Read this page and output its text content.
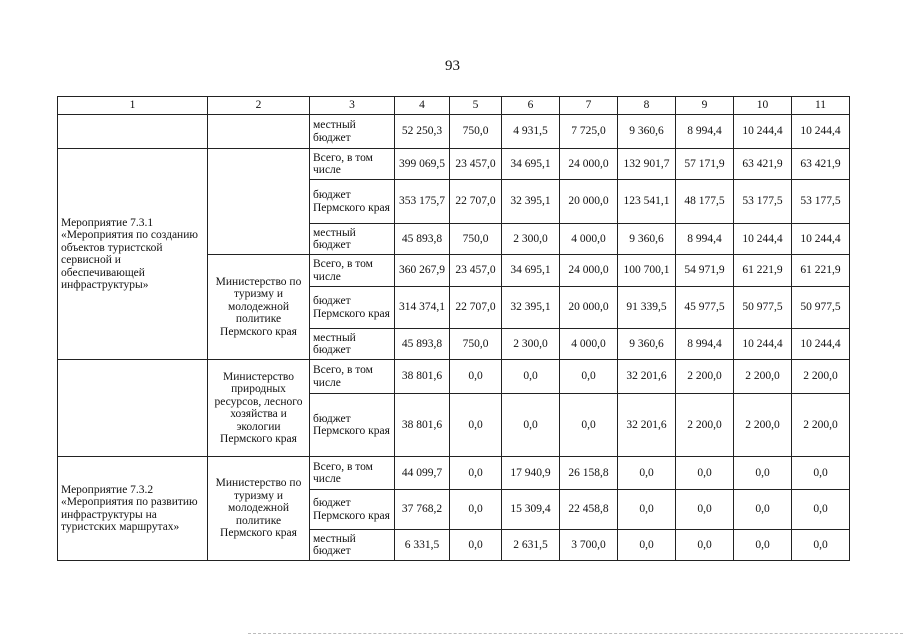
93
1	2	3	4	5	6	7	8	9	10	11
		местный бюджет	52 250,3	750,0	4 931,5	7 725,0	9 360,6	8 994,4	10 244,4	10 244,4
Мероприятие 7.3.1 «Мероприятия по созданию объектов туристской сервисной и обеспечивающей инфраструктуры»		Всего, в том числе	399 069,5	23 457,0	34 695,1	24 000,0	132 901,7	57 171,9	63 421,9	63 421,9
		бюджет Пермского края	353 175,7	22 707,0	32 395,1	20 000,0	123 541,1	48 177,5	53 177,5	53 177,5
		местный бюджет	45 893,8	750,0	2 300,0	4 000,0	9 360,6	8 994,4	10 244,4	10 244,4
	Министерство по туризму и молодежной политике Пермского края	Всего, в том числе	360 267,9	23 457,0	34 695,1	24 000,0	100 700,1	54 971,9	61 221,9	61 221,9
		бюджет Пермского края	314 374,1	22 707,0	32 395,1	20 000,0	91 339,5	45 977,5	50 977,5	50 977,5
		местный бюджет	45 893,8	750,0	2 300,0	4 000,0	9 360,6	8 994,4	10 244,4	10 244,4
	Министерство природных ресурсов, лесного хозяйства и экологии Пермского края	Всего, в том числе	38 801,6	0,0	0,0	0,0	32 201,6	2 200,0	2 200,0	2 200,0
		бюджет Пермского края	38 801,6	0,0	0,0	0,0	32 201,6	2 200,0	2 200,0	2 200,0
Мероприятие 7.3.2 «Мероприятия по развитию инфраструктуры на туристских маршрутах»	Министерство по туризму и молодежной политике Пермского края	Всего, в том числе	44 099,7	0,0	17 940,9	26 158,8	0,0	0,0	0,0	0,0
		бюджет Пермского края	37 768,2	0,0	15 309,4	22 458,8	0,0	0,0	0,0	0,0
		местный бюджет	6 331,5	0,0	2 631,5	3 700,0	0,0	0,0	0,0	0,0
